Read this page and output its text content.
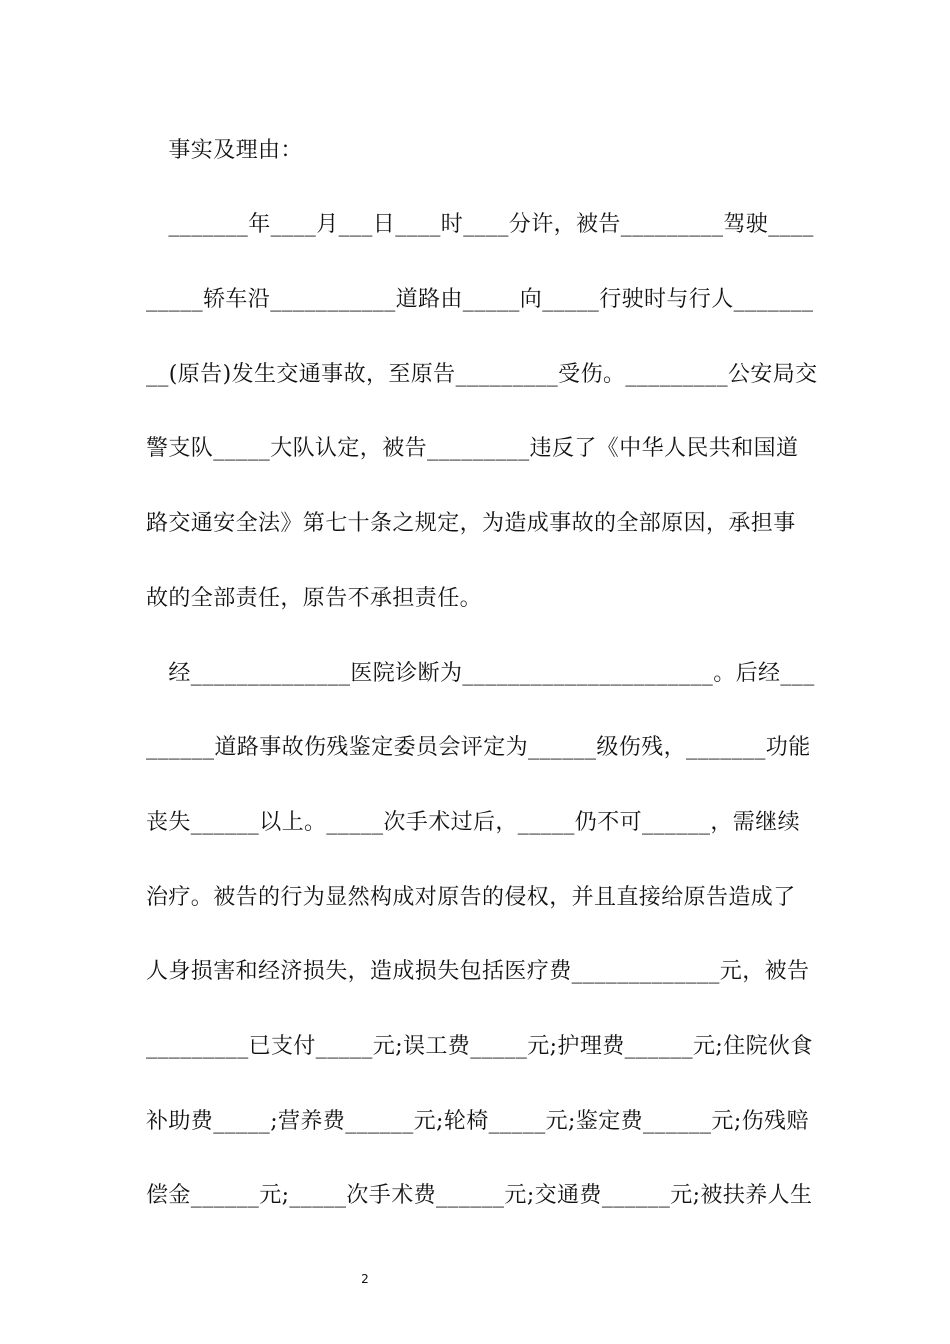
　事实及理由：
　_______年____月___日____时____分许，被告_________驾驶____
_____轿车沿___________道路由_____向_____行驶时与行人_______
__(原告)发生交通事故，至原告_________受伤。_________公安局交
警支队_____大队认定，被告_________违反了《中华人民共和国道
路交通安全法》第七十条之规定，为造成事故的全部原因，承担事
故的全部责任，原告不承担责任。
　经______________医院诊断为______________________。后经___
______道路事故伤残鉴定委员会评定为______级伤残，_______功能
丧失______以上。_____次手术过后，_____仍不可______，需继续
治疗。被告的行为显然构成对原告的侵权，并且直接给原告造成了
人身损害和经济损失，造成损失包括医疗费_____________元，被告
_________已支付_____元;误工费_____元;护理费______元;住院伙食
补助费_____;营养费______元;轮椅_____元;鉴定费______元;伤残赔
偿金______元;_____次手术费______元;交通费______元;被扶养人生
2
